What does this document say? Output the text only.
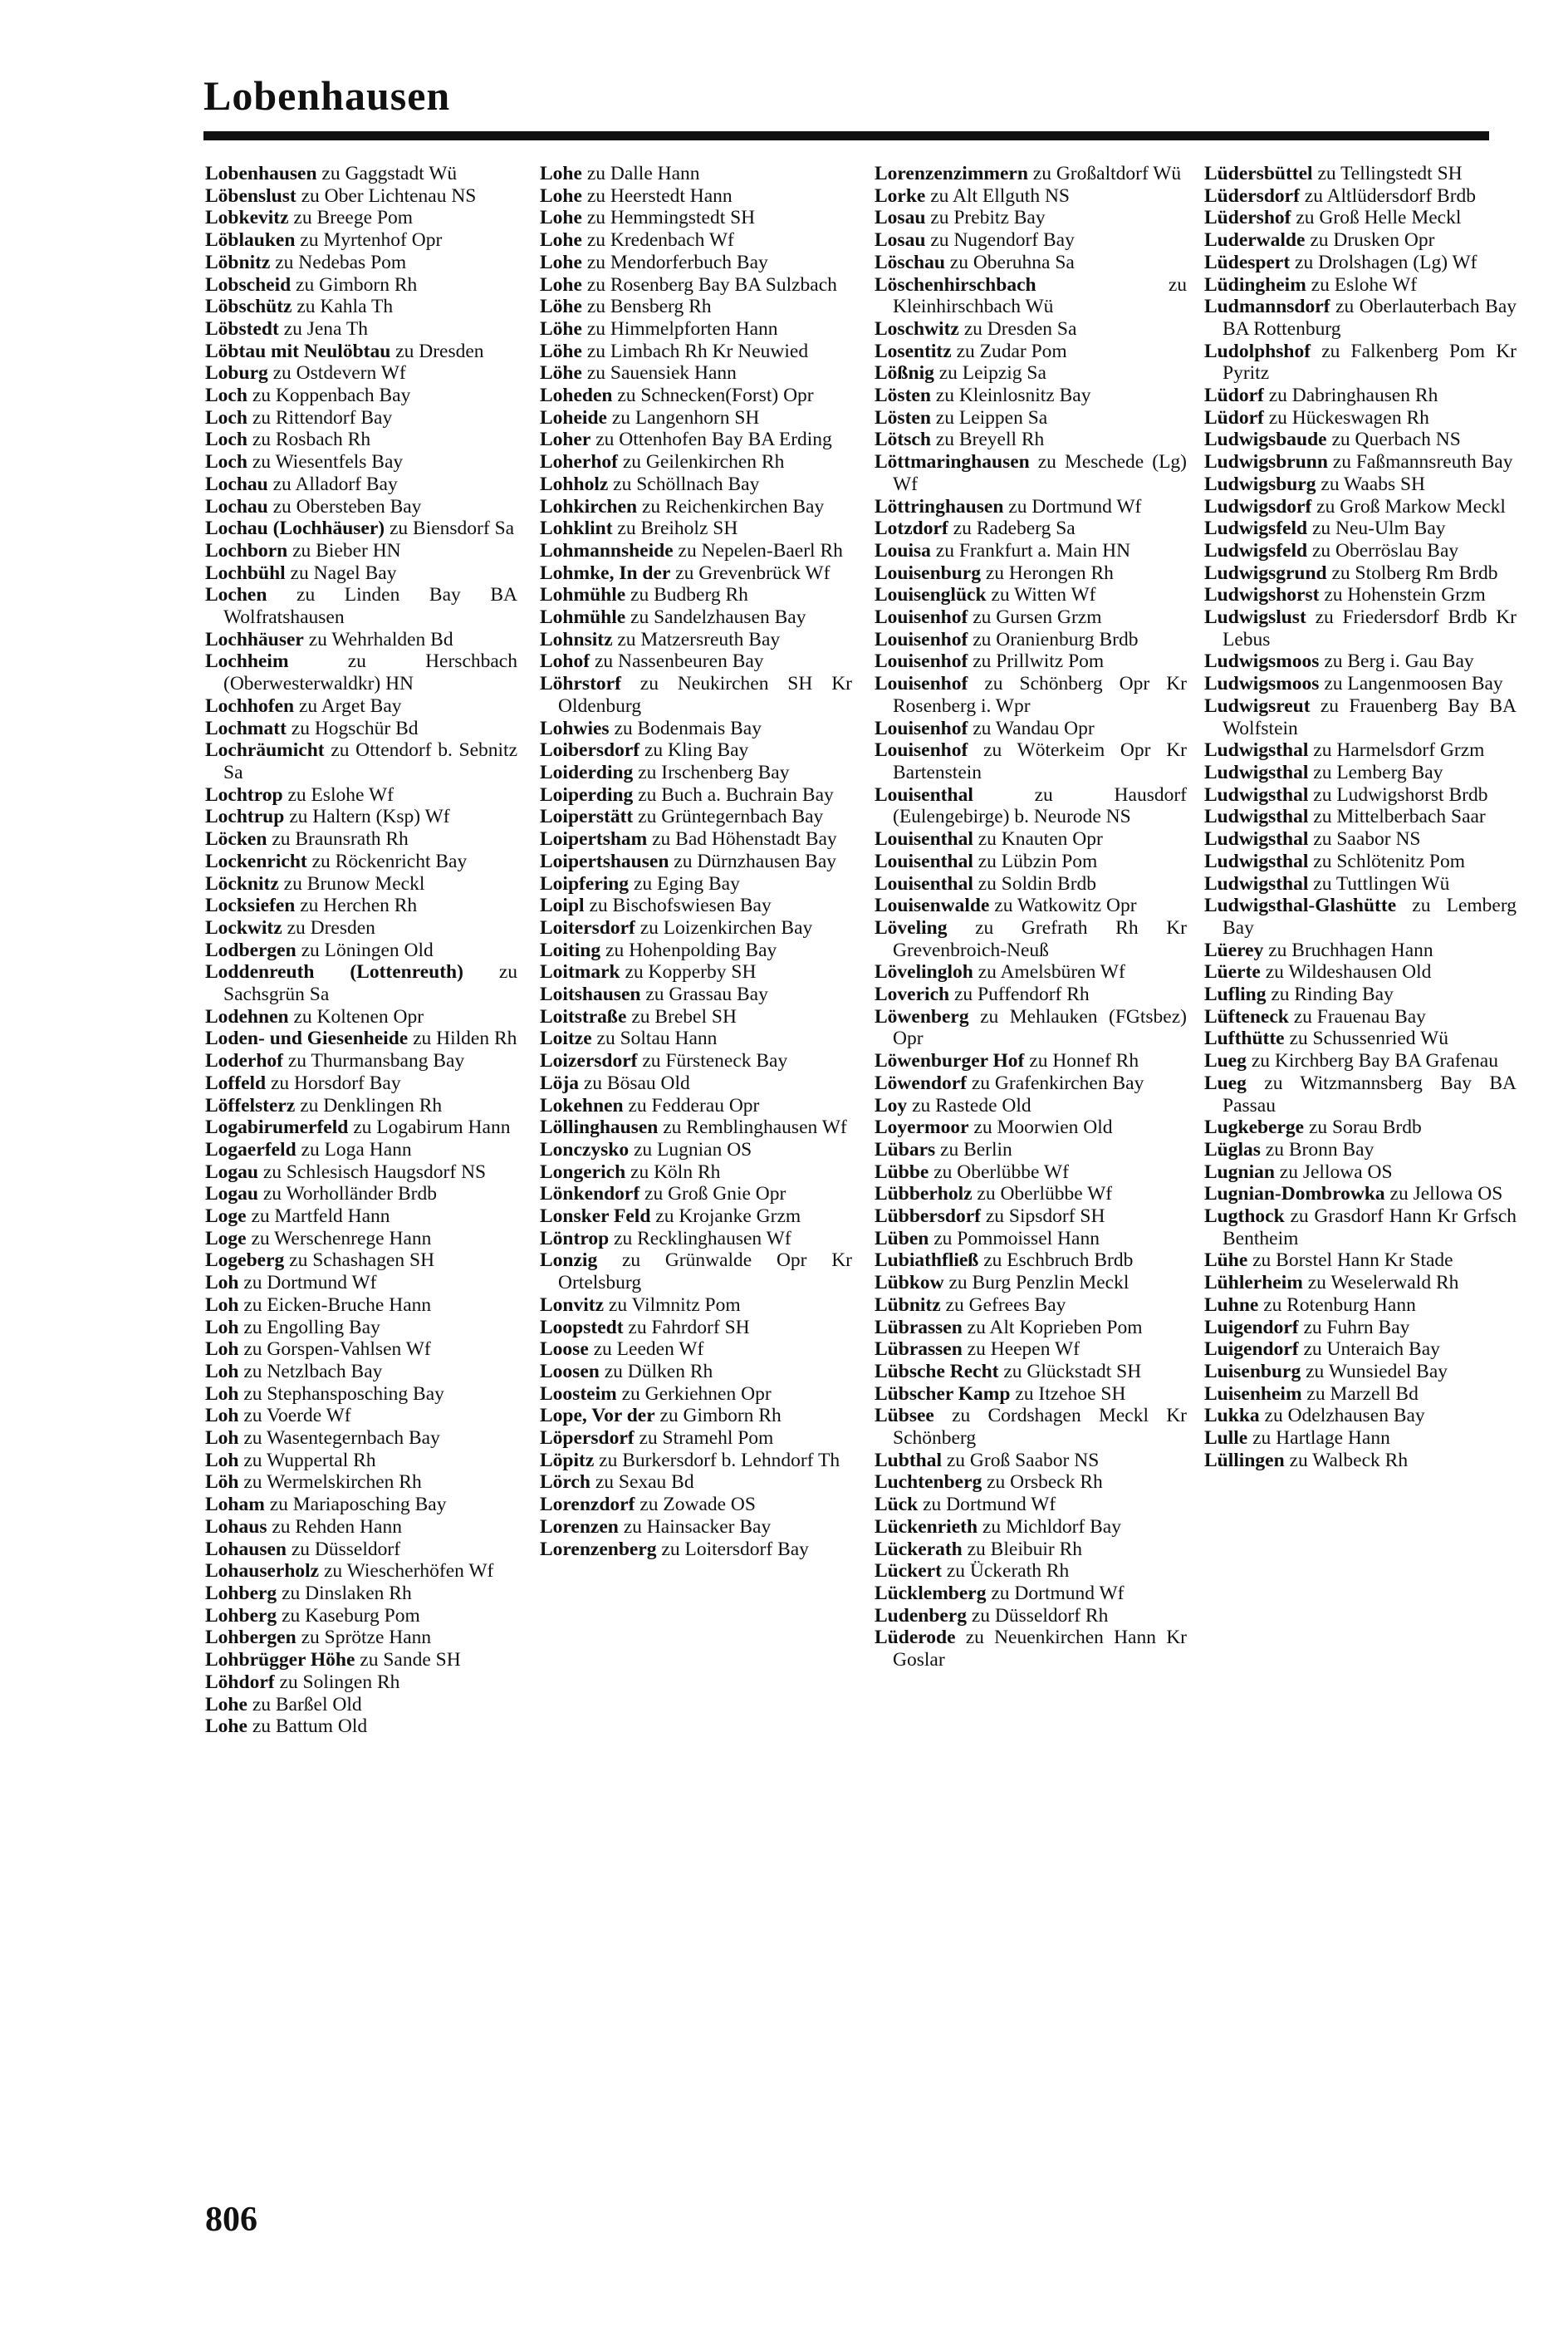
Lobenhausen
Lobenhausen zu Gaggstadt Wü
Löbenslust zu Ober Lichtenau NS
Lobkevitz zu Breege Pom
Löblauken zu Myrtenhof Opr
Löbnitz zu Nedebas Pom
Lobscheid zu Gimborn Rh
Löbschütz zu Kahla Th
Löbstedt zu Jena Th
Löbtau mit Neulöbtau zu Dresden
Loburg zu Ostdevern Wf
Loch zu Koppenbach Bay
Loch zu Rittendorf Bay
Loch zu Rosbach Rh
Loch zu Wiesentfels Bay
Lochau zu Alladorf Bay
Lochau zu Obersteben Bay
Lochau (Lochhäuser) zu Biensdorf Sa
Lochborn zu Bieber HN
Lochbühl zu Nagel Bay
Lochen zu Linden Bay BA Wolfratshausen
Lochhäuser zu Wehrhalden Bd
Lochheim	zu Herschbach (Oberwesterwaldkr) HN
Lochhofen zu Arget Bay
Lochmatt zu Hogschür Bd
Lochräumicht zu Ottendorf b. Sebnitz Sa
Lochtrop zu Eslohe Wf
Lochtrup zu Haltern (Ksp) Wf
Löcken zu Braunsrath Rh
Lockenricht zu Röckenricht Bay
Löcknitz zu Brunow Meckl
Locksiefen zu Herchen Rh
Lockwitz zu Dresden
Lodbergen zu Löningen Old
Loddenreuth (Lottenreuth) zu Sachsgrün Sa
Lodehnen zu Koltenen Opr
Loden- und Giesenheide zu Hilden Rh
Loderhof zu Thurmansbang Bay
Loffeld zu Horsdorf Bay
Löffelsterz zu Denklingen Rh
Logabirumerfeld zu Logabirum Hann
Logaerfeld zu Loga Hann
Logau zu Schlesisch Haugsdorf NS
Logau zu Worholländer Brdb
Loge zu Martfeld Hann
Loge zu Werschenrege Hann
Logeberg zu Schashagen SH
Loh zu Dortmund Wf
Loh zu Eicken-Bruche Hann
Loh zu Engolling Bay
Loh zu Gorspen-Vahlsen Wf
Loh zu Netzlbach Bay
Loh zu Stephansposching Bay
Loh zu Voerde Wf
Loh zu Wasentegernbach Bay
Loh zu Wuppertal Rh
Löh zu Wermelskirchen Rh
Loham zu Mariaposching Bay
Lohaus zu Rehden Hann
Lohausen zu Düsseldorf
Lohauserholz zu Wiescherhöfen Wf
Lohberg zu Dinslaken Rh
Lohberg zu Kaseburg Pom
Lohbergen zu Sprötze Hann
Lohbrügger Höhe zu Sande SH
Löhdorf zu Solingen Rh
Lohe zu Barßel Old
Lohe zu Battum Old
Lohe zu Dalle Hann
Lohe zu Heerstedt Hann
Lohe zu Hemmingstedt SH
Lohe zu Kredenbach Wf
Lohe zu Mendorferbuch Bay
Lohe zu Rosenberg Bay BA Sulzbach
Löhe zu Bensberg Rh
Löhe zu Himmelpforten Hann
Löhe zu Limbach Rh Kr Neuwied
Löhe zu Sauensiek Hann
Loheden zu Schnecken(Forst) Opr
Loheide zu Langenhorn SH
Loher zu Ottenhofen Bay BA Erding
Loherhof zu Geilenkirchen Rh
Lohholz zu Schöllnach Bay
Lohkirchen zu Reichenkirchen Bay
Lohklint zu Breiholz SH
Lohmannsheide zu Nepelen-Baerl Rh
Lohmke, In der zu Grevenbrück Wf
Lohmühle zu Budberg Rh
Lohmühle zu Sandelzhausen Bay
Lohnsitz zu Matzersreuth Bay
Lohof zu Nassenbeuren Bay
Löhrstorf zu Neukirchen SH Kr Oldenburg
Lohwies zu Bodenmais Bay
Loibersdorf zu Kling Bay
Loiderding zu Irschenberg Bay
Loiperding zu Buch a. Buchrain Bay
Loiperstätt zu Grüntegernbach Bay
Loipertsham zu Bad Höhenstadt Bay
Loipertshausen zu Dürnzhausen Bay
Loipfering zu Eging Bay
Loipl zu Bischofswiesen Bay
Loitersdorf zu Loizenkirchen Bay
Loiting zu Hohenpolding Bay
Loitmark zu Kopperby SH
Loitshausen zu Grassau Bay
Loitstraße zu Brebel SH
Loitze zu Soltau Hann
Loizersdorf zu Fürsteneck Bay
Löja zu Bösau Old
Lokehnen zu Fedderau Opr
Löllinghausen zu Remblinghausen Wf
Lonczysko zu Lugnian OS
Longerich zu Köln Rh
Lönkendorf zu Groß Gnie Opr
Lonsker Feld zu Krojanke Grzm
Löntrop zu Recklinghausen Wf
Lonzig zu Grünwalde Opr Kr Ortelsburg
Lonvitz zu Vilmnitz Pom
Loopstedt zu Fahrdorf SH
Loose zu Leeden Wf
Loosen zu Dülken Rh
Loosteim zu Gerkiehnen Opr
Lope, Vor der zu Gimborn Rh
Löpersdorf zu Stramehl Pom
Löpitz zu Burkersdorf b. Lehndorf Th
Lörch zu Sexau Bd
Lorenzdorf zu Zowade OS
Lorenzen zu Hainsacker Bay
Lorenzenberg zu Loitersdorf Bay
Lorenzenzimmern zu Großaltdorf Wü
Lorke zu Alt Ellguth NS
Losau zu Prebitz Bay
Losau zu Nugendorf Bay
Löschau zu Oberuhna Sa
Löschenhirschbach	zu Kleinhirschbach Wü
Loschwitz zu Dresden Sa
Losentitz zu Zudar Pom
Lößnig zu Leipzig Sa
Lösten zu Kleinlosnitz Bay
Lösten zu Leippen Sa
Lötsch zu Breyell Rh
Löttmaringhausen zu Meschede (Lg) Wf
Löttringhausen zu Dortmund Wf
Lotzdorf zu Radeberg Sa
Louisa zu Frankfurt a. Main HN
Louisenburg zu Herongen Rh
Louisenglück zu Witten Wf
Louisenhof zu Gursen Grzm
Louisenhof zu Oranienburg Brdb
Louisenhof zu Prillwitz Pom
Louisenhof zu Schönberg Opr Kr Rosenberg i. Wpr
Louisenhof zu Wandau Opr
Louisenhof zu Wöterkeim Opr Kr Bartenstein
Louisenthal	zu Hausdorf (Eulengebirge) b. Neurode NS
Louisenthal zu Knauten Opr
Louisenthal zu Lübzin Pom
Louisenthal zu Soldin Brdb
Louisenwalde zu Watkowitz Opr
Löveling zu Grefrath Rh Kr Grevenbroich-Neuß
Lövelingloh zu Amelsbüren Wf
Loverich zu Puffendorf Rh
Löwenberg zu Mehlauken (FGtsbez) Opr
Löwenburger Hof zu Honnef Rh
Löwendorf zu Grafenkirchen Bay
Loy zu Rastede Old
Loyermoor zu Moorwien Old
Lübars zu Berlin
Lübbe zu Oberlübbe Wf
Lübberholz zu Oberlübbe Wf
Lübbersdorf zu Sipsdorf SH
Lüben zu Pommoissel Hann
Lubiathfließ zu Eschbruch Brdb
Lübkow zu Burg Penzlin Meckl
Lübnitz zu Gefrees Bay
Lübrassen zu Alt Koprieben Pom
Lübrassen zu Heepen Wf
Lübsche Recht zu Glückstadt SH
Lübscher Kamp zu Itzehoe SH
Lübsee zu Cordshagen Meckl Kr Schönberg
Lubthal zu Groß Saabor NS
Luchtenberg zu Orsbeck Rh
Lück zu Dortmund Wf
Lückenrieth zu Michldorf Bay
Lückerath zu Bleibuir Rh
Lückert zu Ückerath Rh
Lücklemberg zu Dortmund Wf
Ludenberg zu Düsseldorf Rh
Lüderode zu Neuenkirchen Hann Kr Goslar
Lüdersbüttel zu Tellingstedt SH
Lüdersdorf zu Altlüdersdorf Brdb
Lüdershof zu Groß Helle Meckl
Luderwalde zu Drusken Opr
Lüdespert zu Drolshagen (Lg) Wf
Lüdingheim zu Eslohe Wf
Ludmannsdorf zu Oberlauterbach Bay BA Rottenburg
Ludolphshof zu Falkenberg Pom Kr Pyritz
Lüdorf zu Dabringhausen Rh
Lüdorf zu Hückeswagen Rh
Ludwigsbaude zu Querbach NS
Ludwigsbrunn zu Faßmannsreuth Bay
Ludwigsburg zu Waabs SH
Ludwigsdorf zu Groß Markow Meckl
Ludwigsfeld zu Neu-Ulm Bay
Ludwigsfeld zu Oberröslau Bay
Ludwigsgrund zu Stolberg Rm Brdb
Ludwigshorst zu Hohenstein Grzm
Ludwigslust zu Friedersdorf Brdb Kr Lebus
Ludwigsmoos zu Berg i. Gau Bay
Ludwigsmoos zu Langenmoosen Bay
Ludwigsreut zu Frauenberg Bay BA Wolfstein
Ludwigsthal zu Harmelsdorf Grzm
Ludwigsthal zu Lemberg Bay
Ludwigsthal zu Ludwigshorst Brdb
Ludwigsthal zu Mittelberbach Saar
Ludwigsthal zu Saabor NS
Ludwigsthal zu Schlötenitz Pom
Ludwigsthal zu Tuttlingen Wü
Ludwigsthal-Glashütte zu Lemberg Bay
Lüerey zu Bruchhagen Hann
Lüerte zu Wildeshausen Old
Lufling zu Rinding Bay
Lüfteneck zu Frauenau Bay
Lufthütte zu Schussenried Wü
Lueg zu Kirchberg Bay BA Grafenau
Lueg zu Witzmannsberg Bay BA Passau
Lugkeberge zu Sorau Brdb
Lüglas zu Bronn Bay
Lugnian zu Jellowa OS
Lugnian-Dombrowka zu Jellowa OS
Lugthock zu Grasdorf Hann Kr Grfsch Bentheim
Lühe zu Borstel Hann Kr Stade
Lühlerheim zu Weselerwald Rh
Luhne zu Rotenburg Hann
Luigendorf zu Fuhrn Bay
Luigendorf zu Unteraich Bay
Luisenburg zu Wunsiedel Bay
Luisenheim zu Marzell Bd
Lukka zu Odelzhausen Bay
Lulle zu Hartlage Hann
Lüllingen zu Walbeck Rh
806
